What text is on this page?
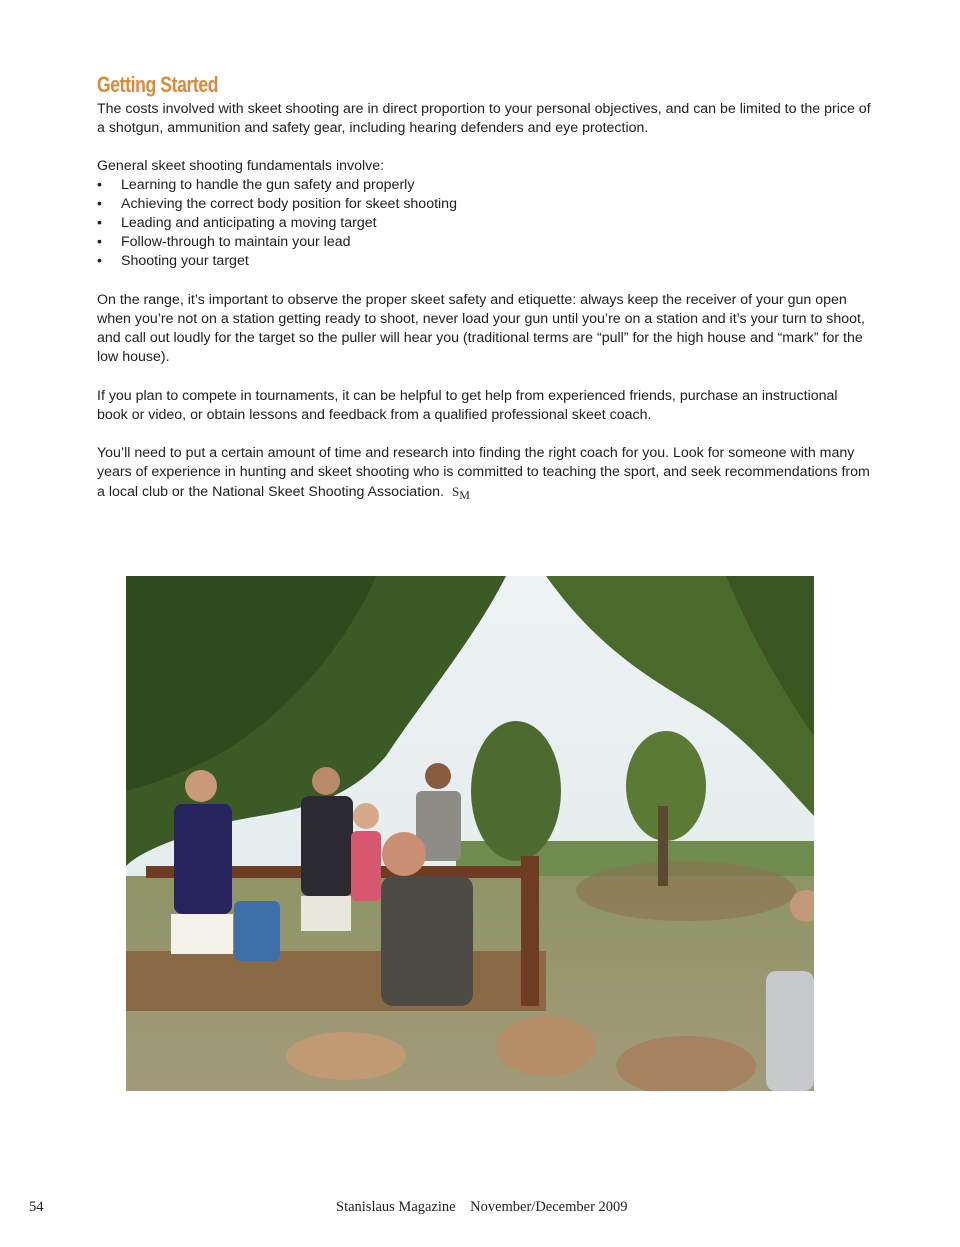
Getting Started

The costs involved with skeet shooting are in direct proportion to your personal objectives, and can be limited to the price of a shotgun, ammunition and safety gear, including hearing defenders and eye protection.

General skeet shooting fundamentals involve:

• Learning to handle the gun safety and properly
• Achieving the correct body position for skeet shooting
• Leading and anticipating a moving target
• Follow-through to maintain your lead
• Shooting your target

On the range, it’s important to observe the proper skeet safety and etiquette: always keep the receiver of your gun open when you’re not on a station getting ready to shoot, never load your gun until you’re on a station and it’s your turn to shoot, and call out loudly for the target so the puller will hear you (traditional terms are “pull” for the high house and “mark” for the low house).

If you plan to compete in tournaments, it can be helpful to get help from experienced friends, purchase an instructional book or video, or obtain lessons and feedback from a qualified professional skeet coach.

You’ll need to put a certain amount of time and research into finding the right coach for you. Look for someone with many years of experience in hunting and skeet shooting who is committed to teaching the sport, and seek recommendations from a local club or the National Skeet Shooting Association. $S_M$

54	Stanislaus Magazine November/December 2009
